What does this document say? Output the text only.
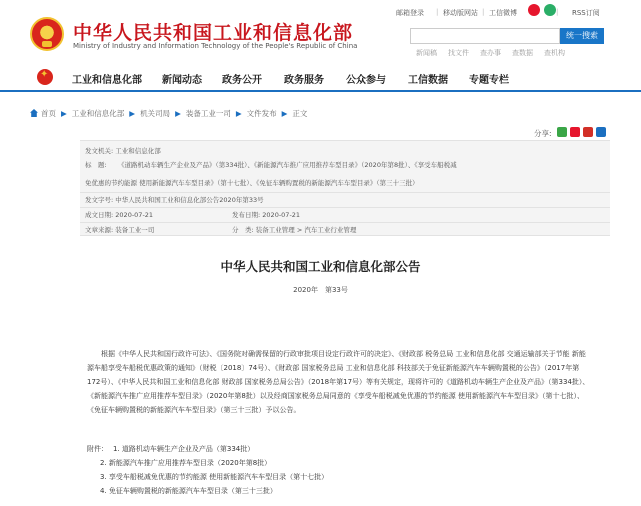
中华人民共和国工业和信息化部
Ministry of Industry and Information Technology of the People's Republic of China
邮箱登录 | 移动版网站 | 工信微博	| RSS订阅
统一搜索
新闻稿 找文件 查办事 查数据 查机构
✦
工业和信息化部 新闻动态 政务公开 政务服务 公众参与 工信数据 专题专栏
首页 ▶ 工业和信息化部 ▶ 机关司局 ▶ 装备工业一司 ▶ 文件发布 ▶ 正文
分享:
发文机关: 工业和信息化部
标　题: 《道路机动车辆生产企业及产品》（第334批）、《新能源汽车推广应用推荐车型目录》（2020年第8批）、《享受车船税减
免优惠的节约能源 使用新能源汽车车型目录》（第十七批）、《免征车辆购置税的新能源汽车车型目录》（第三十三批）
发文字号: 中华人民共和国工业和信息化部公告2020年第33号
成文日期: 2020-07-21	发布日期: 2020-07-21
文章来源: 装备工业一司	分　类: 装备工业管理 > 汽车工业行业管理
中华人民共和国工业和信息化部公告
2020年　第33号
根据《中华人民共和国行政许可法》、《国务院对确需保留的行政审批项目设定行政许可的决定》、《财政部 税务总局 工业和信息化部 交通运输部关于节能 新能源车船享受车船税优惠政策的通知》（财税〔2018〕74号）、《财政部 国家税务总局 工业和信息化部 科技部关于免征新能源汽车车辆购置税的公告》（2017年第172号）、《中华人民共和国工业和信息化部 财政部 国家税务总局公告》（2018年第17号）等有关规定，现将许可的《道路机动车辆生产企业及产品》（第334批）、《新能源汽车推广应用推荐车型目录》（2020年第8批）以及经商国家税务总局同意的《享受车船税减免优惠的节约能源 使用新能源汽车车型目录》（第十七批）、《免征车辆购置税的新能源汽车车型目录》（第三十三批）予以公告。
附件： 1. 道路机动车辆生产企业及产品（第334批）
2. 新能源汽车推广应用推荐车型目录（2020年第8批）
3. 享受车船税减免优惠的节约能源 使用新能源汽车车型目录（第十七批）
4. 免征车辆购置税的新能源汽车车型目录（第三十三批）
